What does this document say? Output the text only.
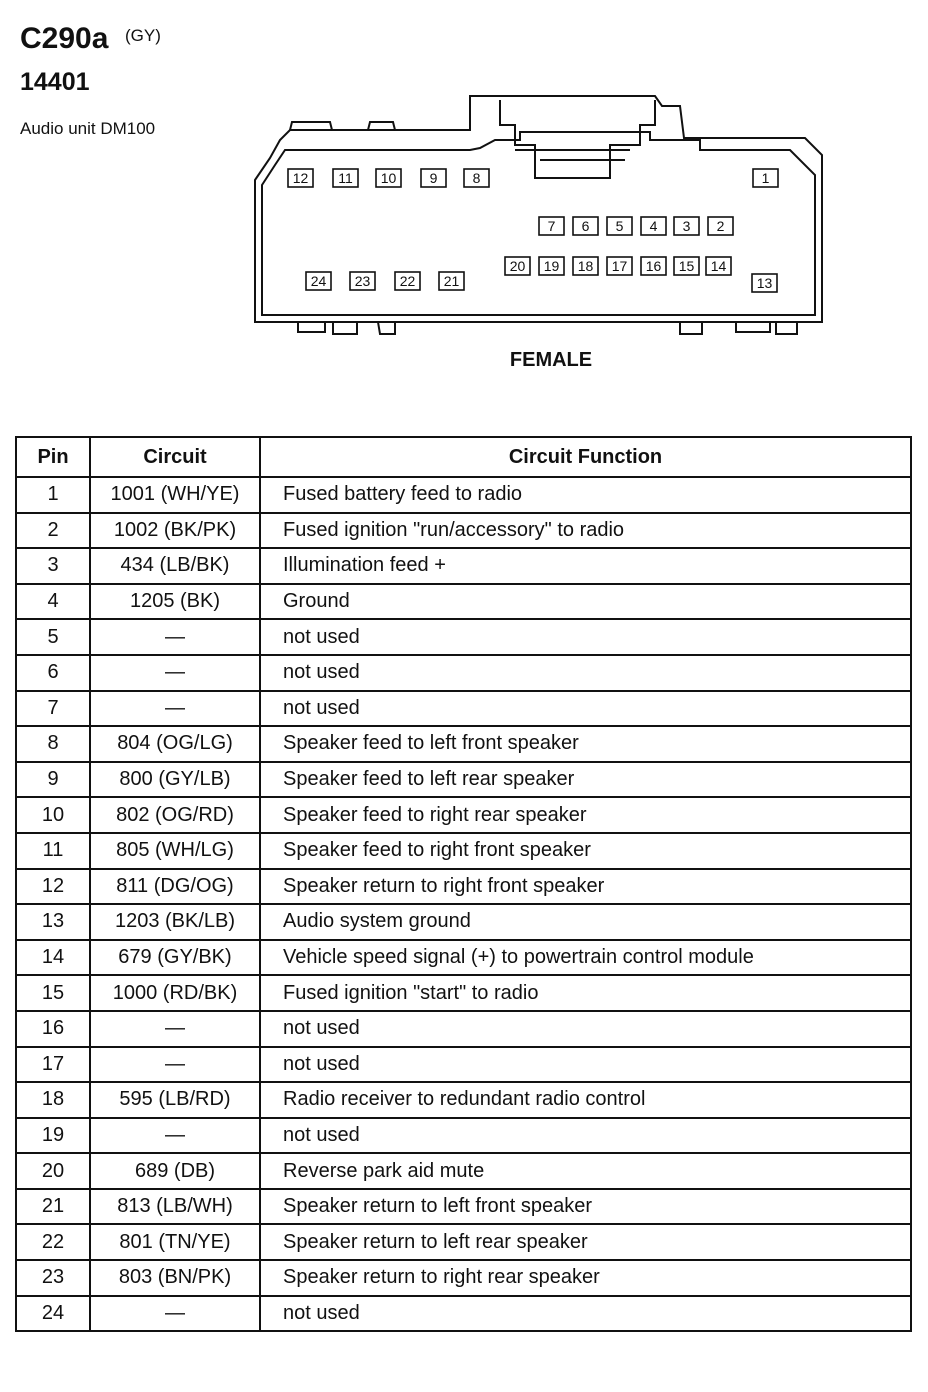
C290a (GY)
14401
Audio unit DM100
12 11 10 9	8	1
7 6 5 4 3 2
20 19 18 17 16 15 14
24 23 22 21	13
FEMALE
Pin	Circuit	Circuit Function
1	1001 (WH/YE)	Fused battery feed to radio
2	1002 (BK/PK)	Fused ignition "run/accessory" to radio
3	434 (LB/BK)	Illumination feed +
4	1205 (BK)	Ground
5	—	not used
6	—	not used
7	—	not used
8	804 (OG/LG)	Speaker feed to left front speaker
9	800 (GY/LB)	Speaker feed to left rear speaker
10	802 (OG/RD)	Speaker feed to right rear speaker
11	805 (WH/LG)	Speaker feed to right front speaker
12	811 (DG/OG)	Speaker return to right front speaker
13	1203 (BK/LB)	Audio system ground
14	679 (GY/BK)	Vehicle speed signal (+) to powertrain control module
15	1000 (RD/BK)	Fused ignition "start" to radio
16	—	not used
17	—	not used
18	595 (LB/RD)	Radio receiver to redundant radio control
19	—	not used
20	689 (DB)	Reverse park aid mute
21	813 (LB/WH)	Speaker return to left front speaker
22	801 (TN/YE)	Speaker return to left rear speaker
23	803 (BN/PK)	Speaker return to right rear speaker
24	—	not used
